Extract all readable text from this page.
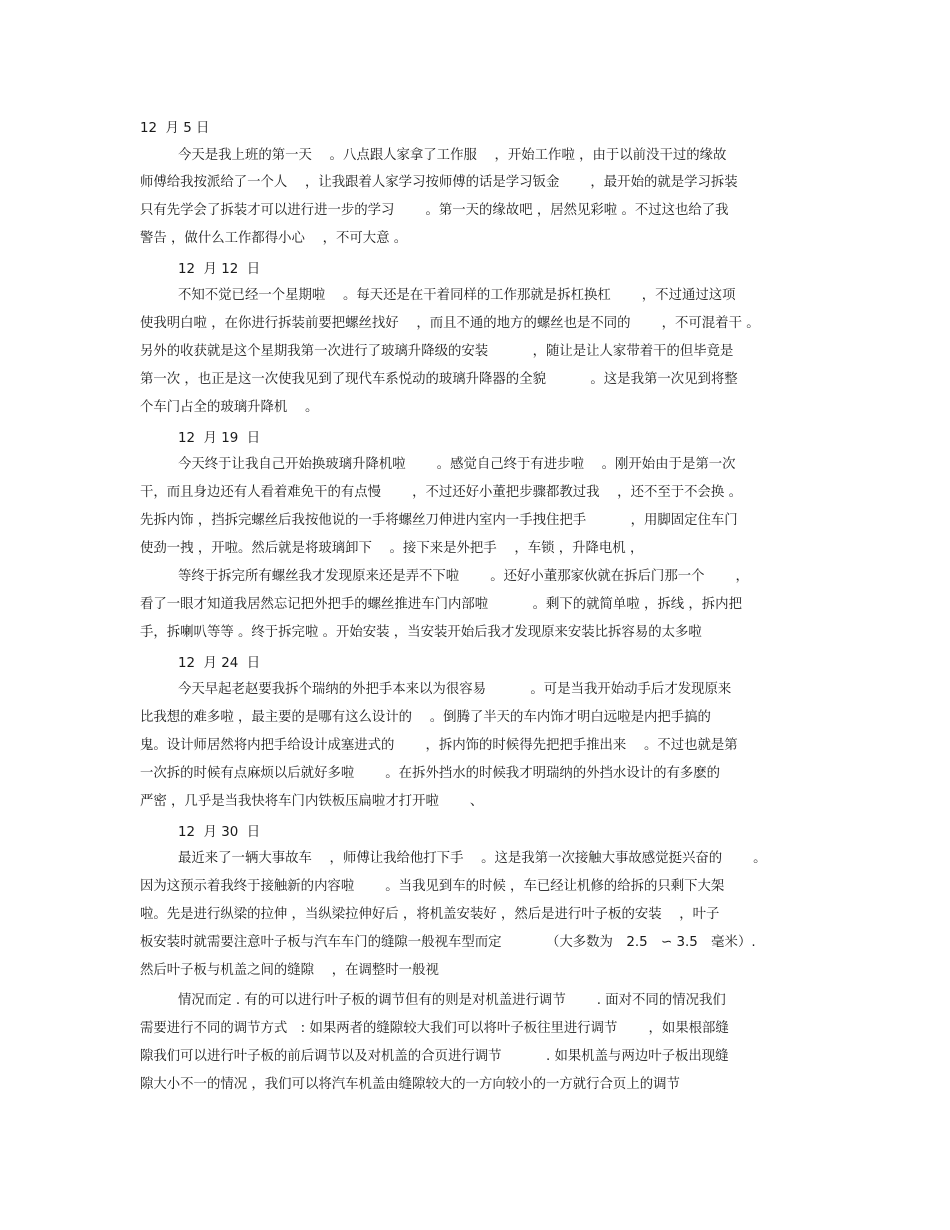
12  月 5 日
今天是我上班的第一天　 。八点跟人家拿了工作服　 ，开始工作啦 ，由于以前没干过的缘故
师傅给我按派给了一个人　 ，让我跟着人家学习按师傅的话是学习钣金　　 ，最开始的就是学习拆装
只有先学会了拆装才可以进行进一步的学习　　 。第一天的缘故吧 ，居然见彩啦 。不过这也给了我
警告 ，做什么工作都得小心　 ，不可大意 。
12  月 12  日
不知不觉已经一个星期啦　 。每天还是在干着同样的工作那就是拆杠换杠　　 ，不过通过这项
使我明白啦 ，在你进行拆装前要把螺丝找好　 ，而且不通的地方的螺丝也是不同的　　 ，不可混着干 。
另外的收获就是这个星期我第一次进行了玻璃升降级的安装　　　 ，随让是让人家带着干的但毕竟是
第一次 ，也正是这一次使我见到了现代车系悦动的玻璃升降器的全貌　　　 。这是我第一次见到将整
个车门占全的玻璃升降机　 。
12  月 19  日
今天终于让我自己开始换玻璃升降机啦　　 。感觉自己终于有进步啦　 。刚开始由于是第一次
干，而且身边还有人看着难免干的有点慢　　 ，不过还好小董把步骤都教过我　 ，还不至于不会换 。
先拆内饰 ，挡拆完螺丝后我按他说的一手将螺丝刀伸进内室内一手拽住把手　　　 ，用脚固定住车门
使劲一拽 ，开啦。然后就是将玻璃卸下　 。接下来是外把手　 ，车锁 ，升降电机 ，
等终于拆完所有螺丝我才发现原来还是弄不下啦　　 。还好小董那家伙就在拆后门那一个　　 ，
看了一眼才知道我居然忘记把外把手的螺丝推进车门内部啦　　　 。剩下的就简单啦 ，拆线 ，拆内把
手，拆喇叭等等 。终于拆完啦 。开始安装 ，当安装开始后我才发现原来安装比拆容易的太多啦
12  月 24  日
今天早起老赵要我拆个瑞纳的外把手本来以为很容易　　　 。可是当我开始动手后才发现原来
比我想的难多啦 ，最主要的是哪有这么设计的　 。倒腾了半天的车内饰才明白远啦是内把手搞的
鬼。设计师居然将内把手给设计成塞进式的　　 ，拆内饰的时候得先把把手推出来　 。不过也就是第
一次拆的时候有点麻烦以后就好多啦　　 。在拆外挡水的时候我才明瑞纳的外挡水设计的有多麽的
严密 ，几乎是当我快将车门内铁板压扁啦才打开啦　　 、
12  月 30  日
最近来了一辆大事故车　 ，师傅让我给他打下手　 。这是我第一次接触大事故感觉挺兴奋的　　 。
因为这预示着我终于接触新的内容啦　　 。当我见到车的时候 ，车已经让机修的给拆的只剩下大架
啦。先是进行纵梁的拉伸 ，当纵梁拉伸好后 ，将机盖安装好 ，然后是进行叶子板的安装　 ，叶子
板安装时就需要注意叶子板与汽车车门的缝隙一般视车型而定　　　 （大多数为　2.5　∽ 3.5　毫米）.
然后叶子板与机盖之间的缝隙　 ，在调整时一般视
情况而定 . 有的可以进行叶子板的调节但有的则是对机盖进行调节　　 . 面对不同的情况我们
需要进行不同的调节方式　: 如果两者的缝隙较大我们可以将叶子板往里进行调节　　 ，如果根部缝
隙我们可以进行叶子板的前后调节以及对机盖的合页进行调节　　　 . 如果机盖与两边叶子板出现缝
隙大小不一的情况 ，我们可以将汽车机盖由缝隙较大的一方向较小的一方就行合页上的调节
